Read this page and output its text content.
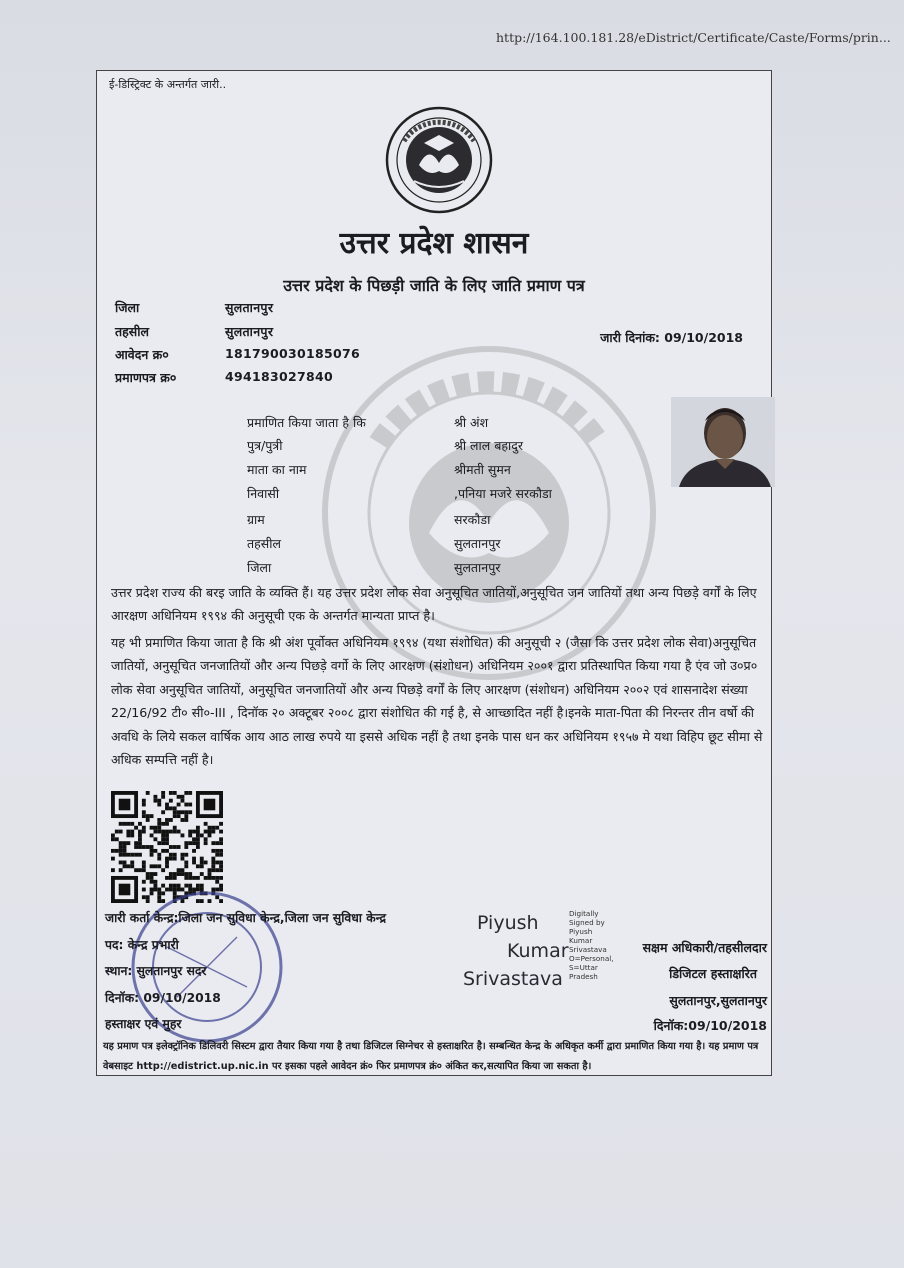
http://164.100.181.28/eDistrict/Certificate/Caste/Forms/prin...
ई-डिस्ट्रिक्ट के अन्तर्गत जारी..
उत्तर प्रदेश शासन
उत्तर प्रदेश के पिछड़ी जाति के लिए जाति प्रमाण पत्र
जिला	सुलतानपुर
तहसील	सुलतानपुर
आवेदन क्र०	181790030185076
प्रमाणपत्र क्र०	494183027840
जारी दिनांक: 09/10/2018
प्रमाणित किया जाता है कि	श्री अंश
पुत्र/पुत्री	श्री लाल बहादुर
माता का नाम	श्रीमती सुमन
निवासी	,पनिया मजरे सरकौडा
ग्राम	सरकौडा
तहसील	सुलतानपुर
जिला	सुलतानपुर
उत्तर प्रदेश राज्य की बरइ जाति के व्यक्ति हैं। यह उत्तर प्रदेश लोक सेवा अनुसूचित जातियों,अनुसूचित जन जातियों तथा अन्य पिछड़े वर्गों के लिए आरक्षण अधिनियम १९९४ की अनुसूची एक के अन्तर्गत मान्यता प्राप्त है।
यह भी प्रमाणित किया जाता है कि श्री अंश पूर्वोक्त अधिनियम १९९४ (यथा संशोधित) की अनुसूची २ (जैसा कि उत्तर प्रदेश लोक सेवा)अनुसूचित जातियों, अनुसूचित जनजातियों और अन्य पिछड़े वर्गो के लिए आरक्षण (संशोधन) अधिनियम २००१ द्वारा प्रतिस्थापित किया गया है एंव जो उ०प्र० लोक सेवा अनुसूचित जातियों, अनुसूचित जनजातियों और अन्य पिछड़े वर्गों के लिए आरक्षण (संशोधन) अधिनियम २००२ एवं शासनादेश संख्या 22/16/92 टी० सी०-III , दिनॉक २० अक्टूबर २००८ द्वारा संशोधित की गई है, से आच्छादित नहीं है।इनके माता-पिता की निरन्तर तीन वर्षो की अवधि के लिये सकल वार्षिक आय आठ लाख रुपये या इससे अधिक नहीं है तथा इनके पास धन कर अधिनियम १९५७ मे यथा विहिप छूट सीमा से अधिक सम्पत्ति नहीं है।
जारी कर्ता केन्द्र:जिला जन सुविधा केन्द्र,जिला जन सुविधा केन्द्र
पद: केन्द्र प्रभारी
स्थान: सुलतानपुर सदर
दिनॉक: 09/10/2018
हस्ताक्षर एवं मुहर
Piyush
Kumar
Srivastava
Digitally
Signed by
Piyush
Kumar
Srivastava
O=Personal,
S=Uttar
Pradesh
सक्षम अधिकारी/तहसीलदार
डिजिटल हस्ताक्षरित
सुलतानपुर,सुलतानपुर
दिनॉक:09/10/2018
यह प्रमाण पत्र इलेक्ट्रॉनिक डिलिवरी सिस्टम द्वारा तैयार किया गया है तथा डिजिटल सिग्नेचर से हस्ताक्षरित है। सम्बन्धित केन्द्र के अधिकृत कर्मी द्वारा प्रमाणित किया गया है। यह प्रमाण पत्र वेबसाइट http://edistrict.up.nic.in पर इसका पहले आवेदन क्रं० फिर प्रमाणपत्र क्रं० अंकित कर,सत्यापित किया जा सकता है।
